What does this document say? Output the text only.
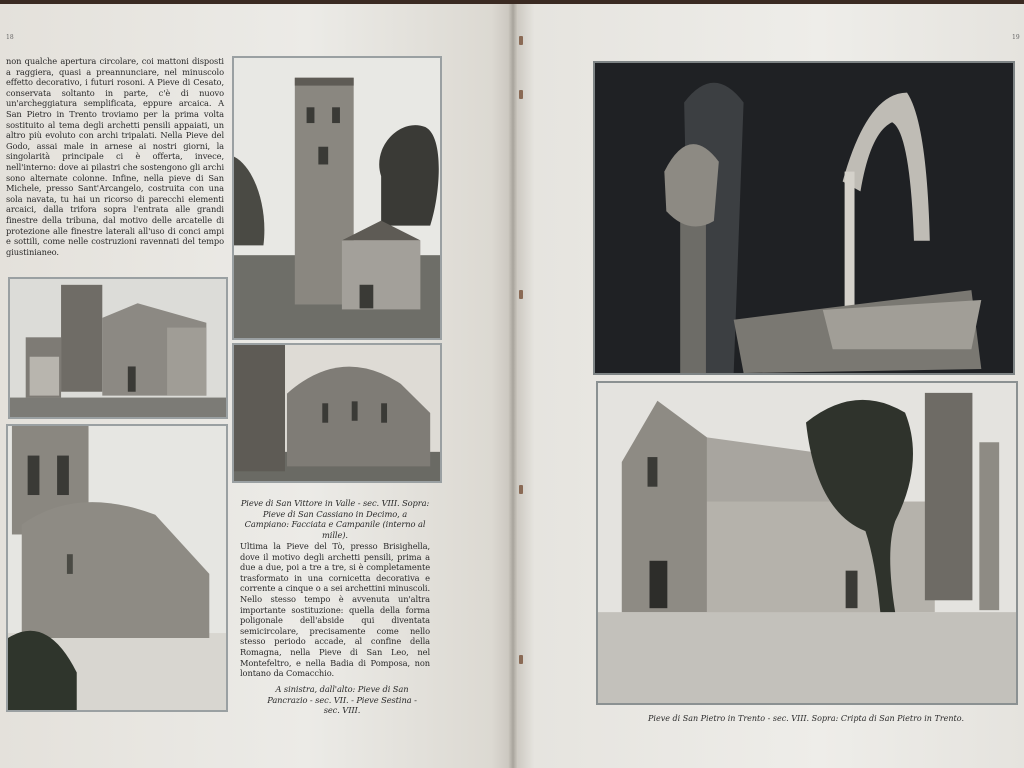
18	19
non qualche apertura circolare, coi mattoni disposti a raggiera, quasi a preannunciare, nel minuscolo effetto decorativo, i futuri rosoni. A Pieve di Cesato, conservata soltanto in parte, c'è di nuovo un'archeggiatura semplificata, eppure arcaica. A San Pietro in Trento troviamo per la prima volta sostituito al tema degli archetti pensili appaiati, un altro più evoluto con archi tripalati. Nella Pieve del Godo, assai male in arnese ai nostri giorni, la singolarità principale ci è offerta, invece, nell'interno: dove ai pilastri che sostengono gli archi sono alternate colonne. Infine, nella pieve di San Michele, presso Sant'Arcangelo, costruita con una sola navata, tu hai un ricorso di parecchi elementi arcaici, dalla trifora sopra l'entrata alle grandi finestre della tribuna, dal motivo delle arcatelle di protezione alle finestre laterali all'uso di conci ampi e sottili, come nelle costruzioni ravennati del tempo giustinianeo.
Pieve di San Vittore in Valle - sec. VIII. Sopra: Pieve di San Cassiano in Decimo, a Campiano: Facciata e Campanile (interno al mille).
Ultima la Pieve del Tò, presso Brisighella, dove il motivo degli archetti pensili, prima a due a due, poi a tre a tre, si è completamente trasformato in una cornicetta decorativa e corrente a cinque o a sei archettini minuscoli. Nello stesso tempo è avvenuta un'altra importante sostituzione: quella della forma poligonale dell'abside qui diventata semicircolare, precisamente come nello stesso periodo accade, al confine della Romagna, nella Pieve di San Leo, nel Montefeltro, e nella Badia di Pomposa, non lontano da Comacchio.
A sinistra, dall'alto: Pieve di San Pancrazio - sec. VII. - Pieve Sestina - sec. VIII.
Pieve di San Pietro in Trento - sec. VIII. Sopra: Cripta di San Pietro in Trento.
